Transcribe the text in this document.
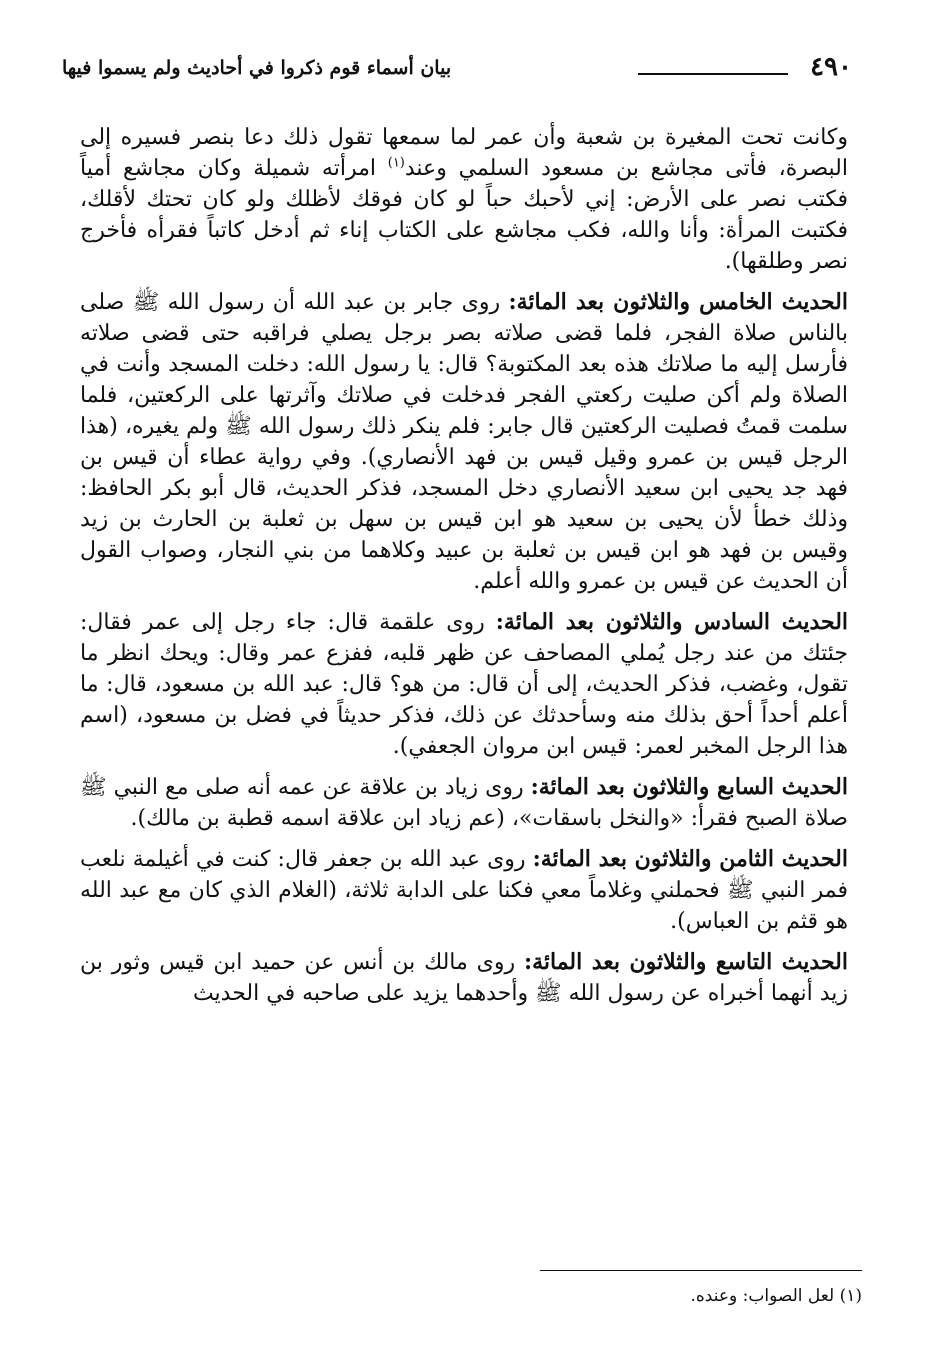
٤٩٠
بيان أسماء قوم ذكروا في أحاديث ولم يسموا فيها

وكانت تحت المغيرة بن شعبة وأن عمر لما سمعها تقول ذلك دعا بنصر فسيره إلى البصرة، فأتى مجاشع بن مسعود السلمي وعند$^{(١)}$ امرأته شميلة وكان مجاشع أمياً فكتب نصر على الأرض: إني لأحبك حباً لو كان فوقك لأظلك ولو كان تحتك لأقلك، فكتبت المرأة: وأنا والله، فكب مجاشع على الكتاب إناء ثم أدخل كاتباً فقرأه فأخرج نصر وطلقها).

الحديث الخامس والثلاثون بعد المائة: روى جابر بن عبد الله أن رسول الله ﷺ صلى بالناس صلاة الفجر، فلما قضى صلاته بصر برجل يصلي فراقبه حتى قضى صلاته فأرسل إليه ما صلاتك هذه بعد المكتوبة؟ قال: يا رسول الله: دخلت المسجد وأنت في الصلاة ولم أكن صليت ركعتي الفجر فدخلت في صلاتك وآثرتها على الركعتين، فلما سلمت قمتُ فصليت الركعتين قال جابر: فلم ينكر ذلك رسول الله ﷺ ولم يغيره، (هذا الرجل قيس بن عمرو وقيل قيس بن فهد الأنصاري). وفي رواية عطاء أن قيس بن فهد جد يحيى ابن سعيد الأنصاري دخل المسجد، فذكر الحديث، قال أبو بكر الحافظ: وذلك خطأ لأن يحيى بن سعيد هو ابن قيس بن سهل بن ثعلبة بن الحارث بن زيد وقيس بن فهد هو ابن قيس بن ثعلبة بن عبيد وكلاهما من بني النجار، وصواب القول أن الحديث عن قيس بن عمرو والله أعلم.

الحديث السادس والثلاثون بعد المائة: روى علقمة قال: جاء رجل إلى عمر فقال: جئتك من عند رجل يُملي المصاحف عن ظهر قلبه، ففزع عمر وقال: ويحك انظر ما تقول، وغضب، فذكر الحديث، إلى أن قال: من هو؟ قال: عبد الله بن مسعود، قال: ما أعلم أحداً أحق بذلك منه وسأحدثك عن ذلك، فذكر حديثاً في فضل بن مسعود، (اسم هذا الرجل المخبر لعمر: قيس ابن مروان الجعفي).

الحديث السابع والثلاثون بعد المائة: روى زياد بن علاقة عن عمه أنه صلى مع النبي ﷺ صلاة الصبح فقرأ: «والنخل باسقات»، (عم زياد ابن علاقة اسمه قطبة بن مالك).

الحديث الثامن والثلاثون بعد المائة: روى عبد الله بن جعفر قال: كنت في أغيلمة نلعب فمر النبي ﷺ فحملني وغلاماً معي فكنا على الدابة ثلاثة، (الغلام الذي كان مع عبد الله هو قثم بن العباس).

الحديث التاسع والثلاثون بعد المائة: روى مالك بن أنس عن حميد ابن قيس وثور بن زيد أنهما أخبراه عن رسول الله ﷺ وأحدهما يزيد على صاحبه في الحديث

(١) لعل الصواب: وعنده.
